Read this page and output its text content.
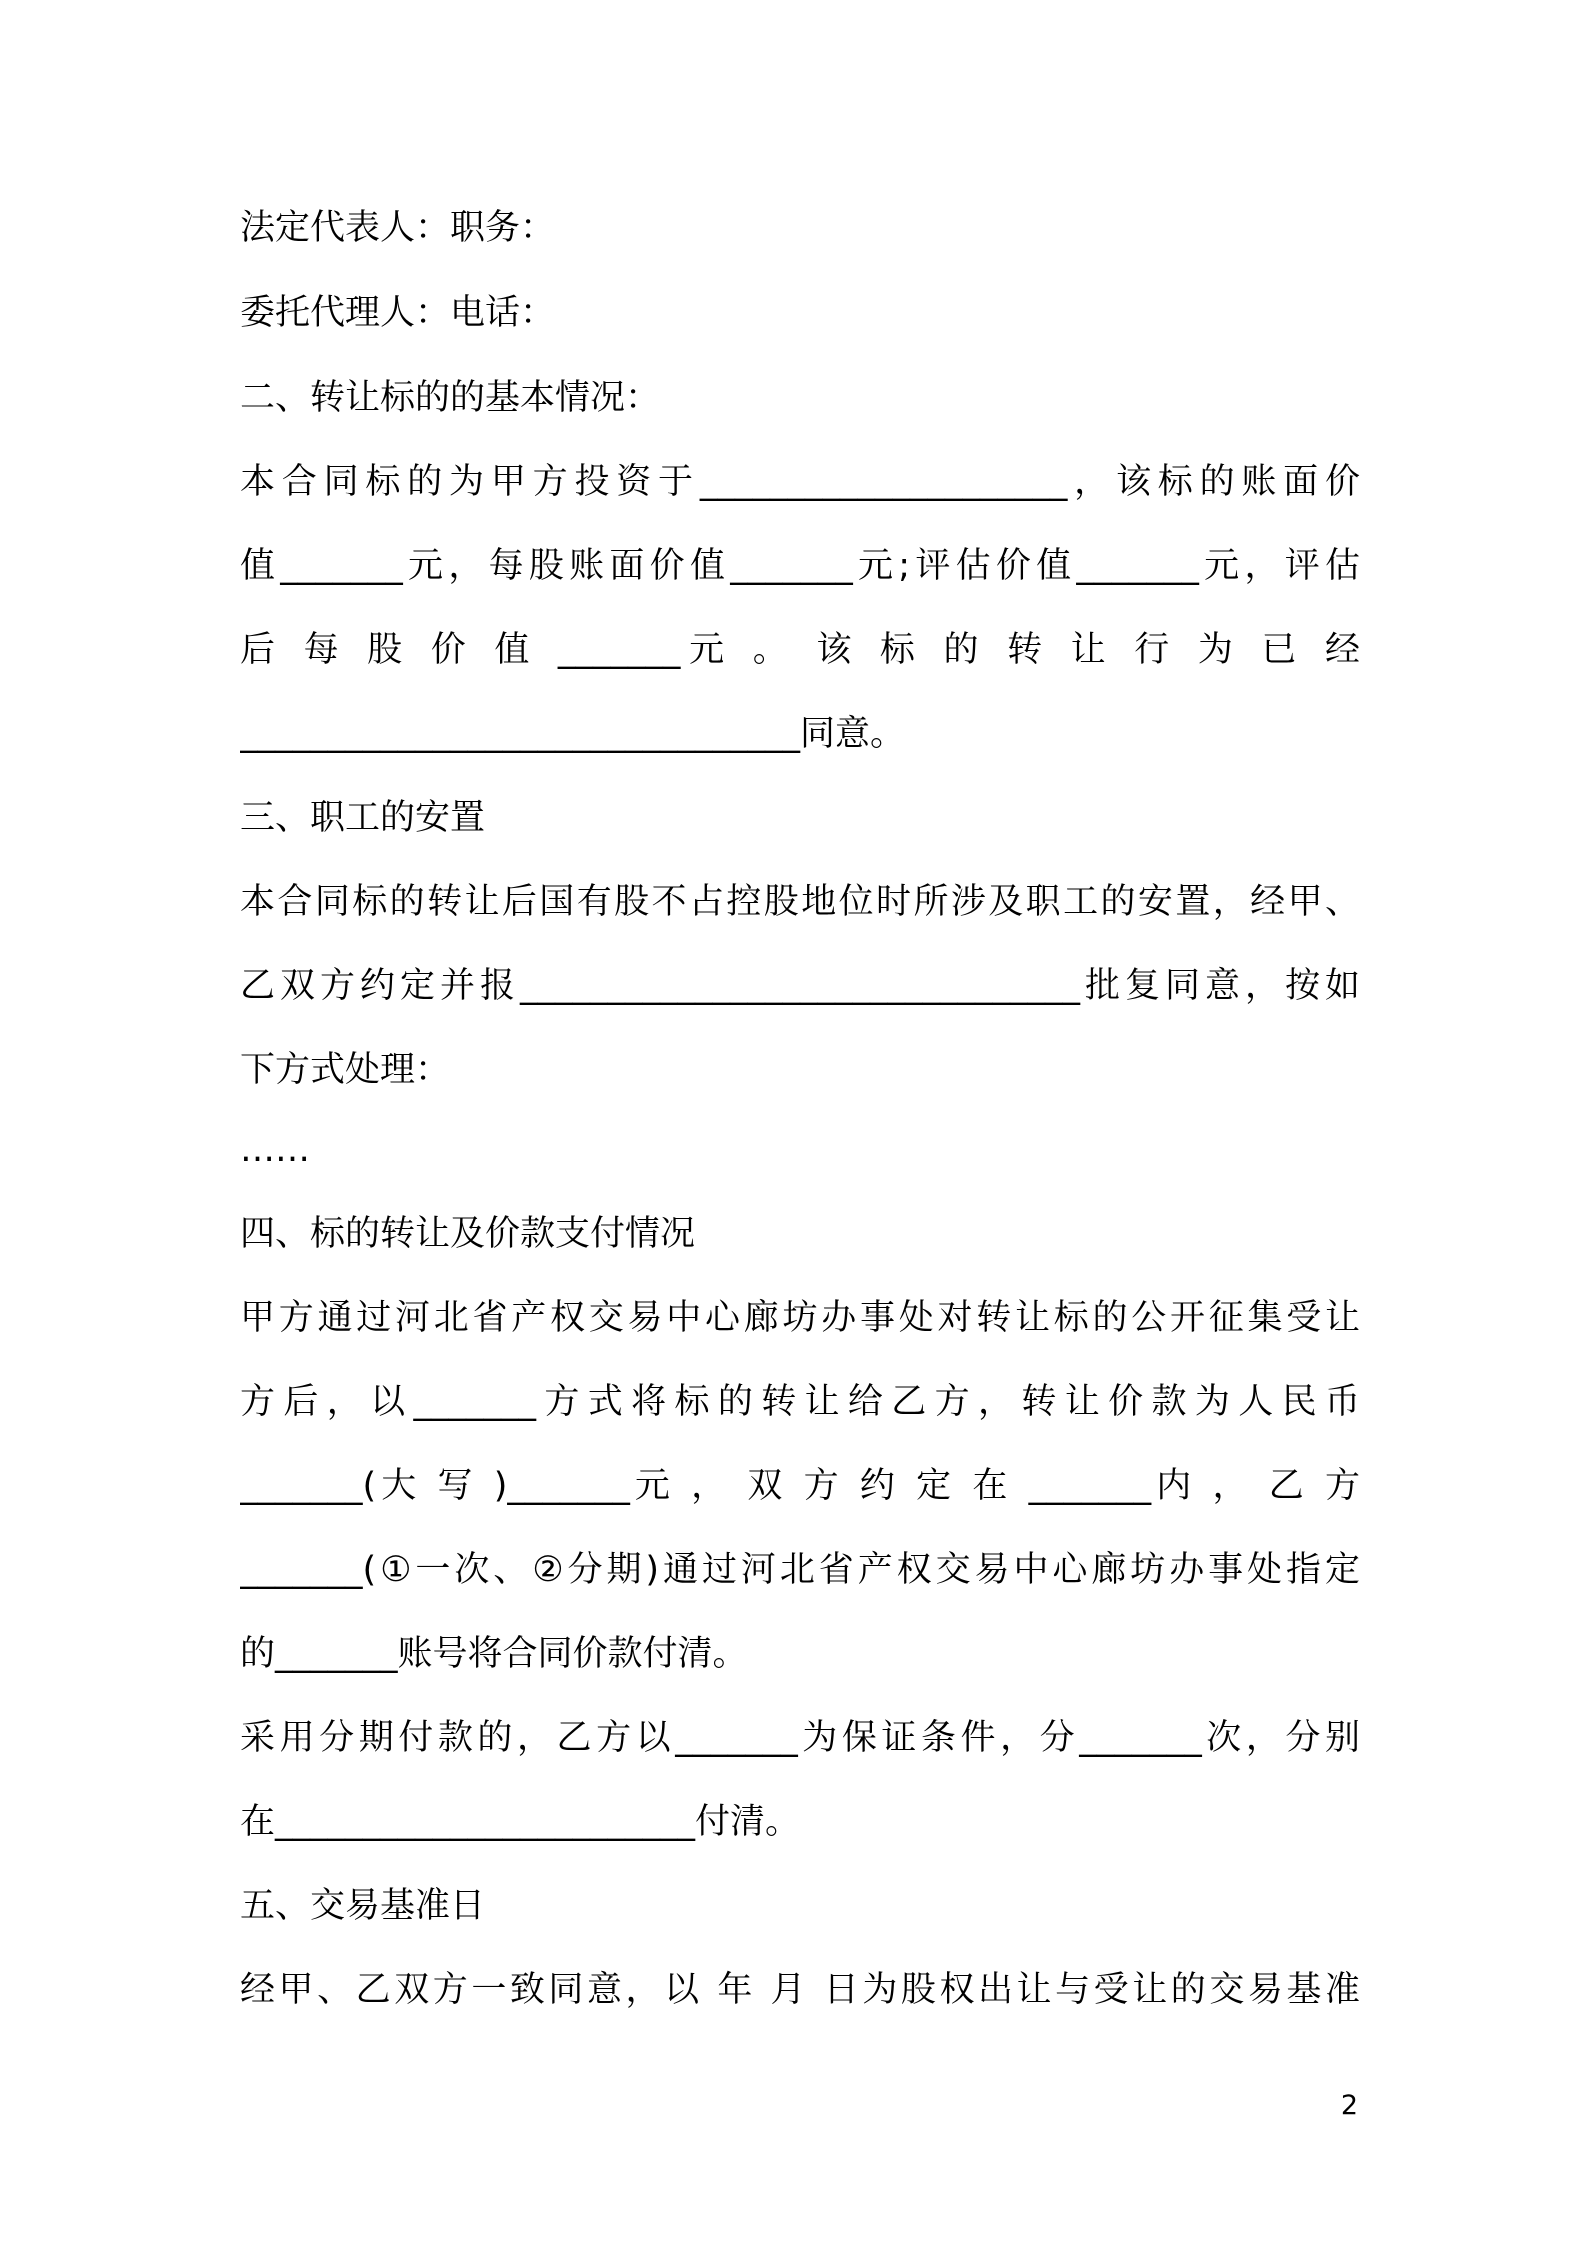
法定代表人：职务：
委托代理人：电话：
二、转让标的的基本情况：
本合同标的为甲方投资于_____________________，该标的账面价
值_______元，每股账面价值_______元;评估价值_______元，评估
后 每 股 价 值 _______元 。 该 标 的 转 让 行 为 已 经
________________________________同意。
三、职工的安置
本合同标的转让后国有股不占控股地位时所涉及职工的安置，经甲、
乙双方约定并报________________________________批复同意，按如
下方式处理：
……
四、标的转让及价款支付情况
甲方通过河北省产权交易中心廊坊办事处对转让标的公开征集受让
方后，以_______方式将标的转让给乙方，转让价款为人民币
_______(大 写 )_______元 ， 双 方 约 定 在 _______内 ， 乙 方
_______(①一次、②分期)通过河北省产权交易中心廊坊办事处指定
的_______账号将合同价款付清。
采用分期付款的，乙方以_______为保证条件，分_______次，分别
在________________________付清。
五、交易基准日
经甲、乙双方一致同意，以 年 月 日为股权出让与受让的交易基准
2
